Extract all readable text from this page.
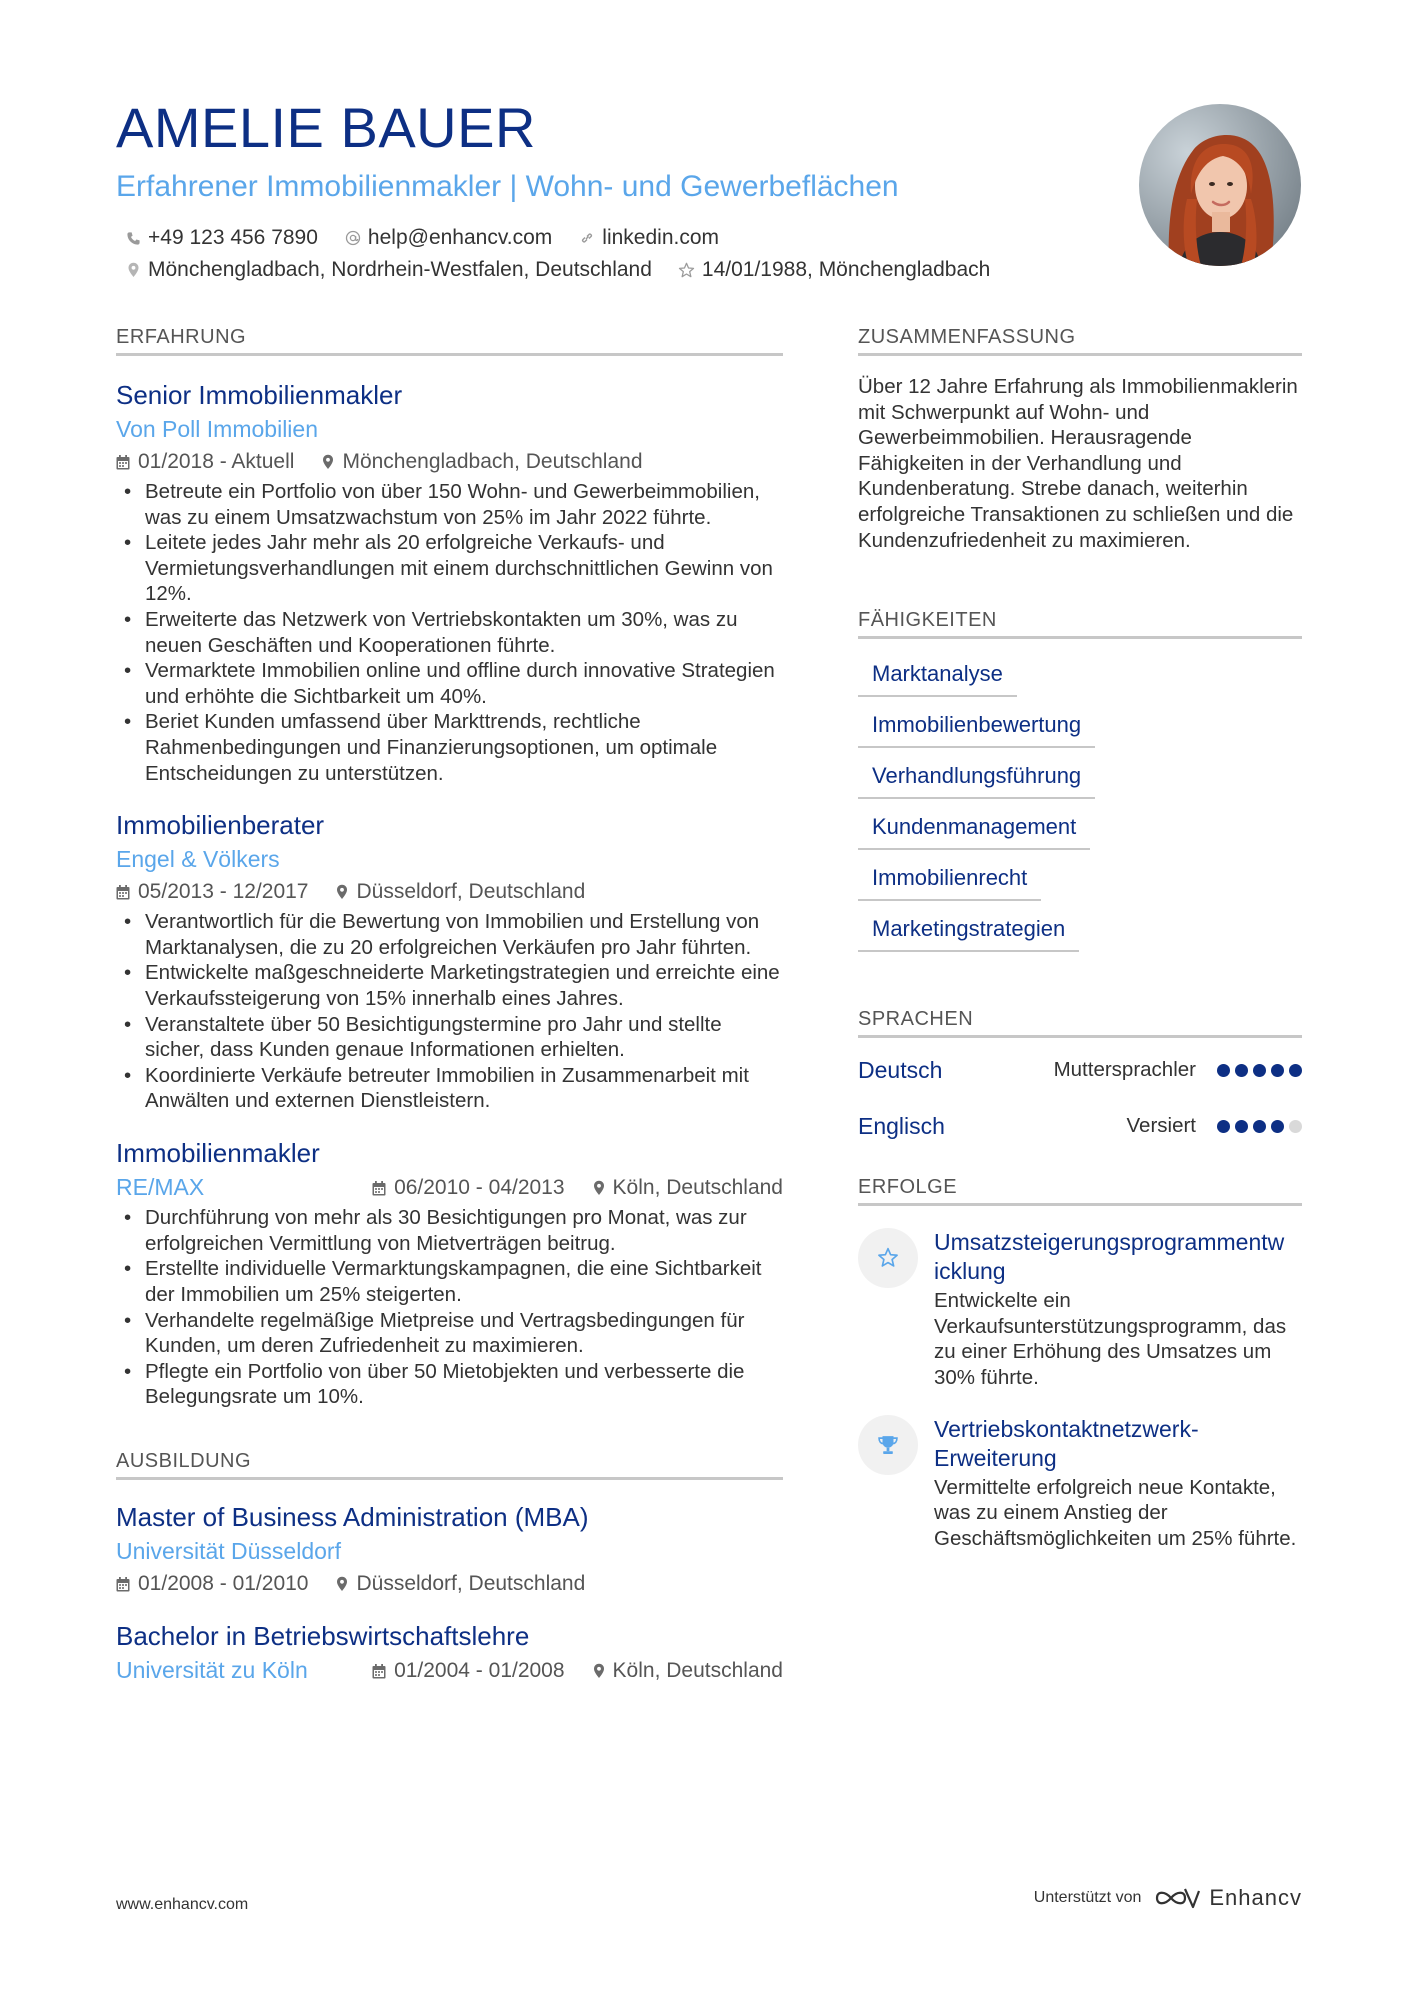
AMELIE BAUER
Erfahrener Immobilienmakler | Wohn- und Gewerbeflächen
+49 123 456 7890 help@enhancv.com linkedin.com
Mönchengladbach, Nordrhein-Westfalen, Deutschland 14/01/1988, Mönchengladbach
ERFAHRUNG
Senior Immobilienmakler
Von Poll Immobilien
01/2018 - Aktuell Mönchengladbach, Deutschland
• Betreute ein Portfolio von über 150 Wohn- und Gewerbeimmobilien, was zu einem Umsatzwachstum von 25% im Jahr 2022 führte.
• Leitete jedes Jahr mehr als 20 erfolgreiche Verkaufs- und Vermietungsverhandlungen mit einem durchschnittlichen Gewinn von 12%.
• Erweiterte das Netzwerk von Vertriebskontakten um 30%, was zu neuen Geschäften und Kooperationen führte.
• Vermarktete Immobilien online und offline durch innovative Strategien und erhöhte die Sichtbarkeit um 40%.
• Beriet Kunden umfassend über Markttrends, rechtliche Rahmenbedingungen und Finanzierungsoptionen, um optimale Entscheidungen zu unterstützen.
Immobilienberater
Engel & Völkers
05/2013 - 12/2017 Düsseldorf, Deutschland
• Verantwortlich für die Bewertung von Immobilien und Erstellung von Marktanalysen, die zu 20 erfolgreichen Verkäufen pro Jahr führten.
• Entwickelte maßgeschneiderte Marketingstrategien und erreichte eine Verkaufssteigerung von 15% innerhalb eines Jahres.
• Veranstaltete über 50 Besichtigungstermine pro Jahr und stellte sicher, dass Kunden genaue Informationen erhielten.
• Koordinierte Verkäufe betreuter Immobilien in Zusammenarbeit mit Anwälten und externen Dienstleistern.
Immobilienmakler
RE/MAX	06/2010 - 04/2013 Köln, Deutschland
• Durchführung von mehr als 30 Besichtigungen pro Monat, was zur erfolgreichen Vermittlung von Mietverträgen beitrug.
• Erstellte individuelle Vermarktungskampagnen, die eine Sichtbarkeit der Immobilien um 25% steigerten.
• Verhandelte regelmäßige Mietpreise und Vertragsbedingungen für Kunden, um deren Zufriedenheit zu maximieren.
• Pflegte ein Portfolio von über 50 Mietobjekten und verbesserte die Belegungsrate um 10%.
AUSBILDUNG
Master of Business Administration (MBA)
Universität Düsseldorf
01/2008 - 01/2010 Düsseldorf, Deutschland
Bachelor in Betriebswirtschaftslehre
Universität zu Köln	01/2004 - 01/2008 Köln, Deutschland
ZUSAMMENFASSUNG
Über 12 Jahre Erfahrung als Immobilienmaklerin mit Schwerpunkt auf Wohn- und Gewerbeimmobilien. Herausragende Fähigkeiten in der Verhandlung und Kundenberatung. Strebe danach, weiterhin erfolgreiche Transaktionen zu schließen und die Kundenzufriedenheit zu maximieren.
FÄHIGKEITEN
Marktanalyse
Immobilienbewertung
Verhandlungsführung
Kundenmanagement
Immobilienrecht
Marketingstrategien
SPRACHEN
Deutsch	Muttersprachler
Englisch	Versiert
ERFOLGE
Umsatzsteigerungsprogrammentw icklung
Entwickelte ein Verkaufsunterstützungsprogramm, das zu einer Erhöhung des Umsatzes um 30% führte.
Vertriebskontaktnetzwerk-Erweiterung
Vermittelte erfolgreich neue Kontakte, was zu einem Anstieg der Geschäftsmöglichkeiten um 25% führte.
www.enhancv.com	Unterstützt von	Enhancv
